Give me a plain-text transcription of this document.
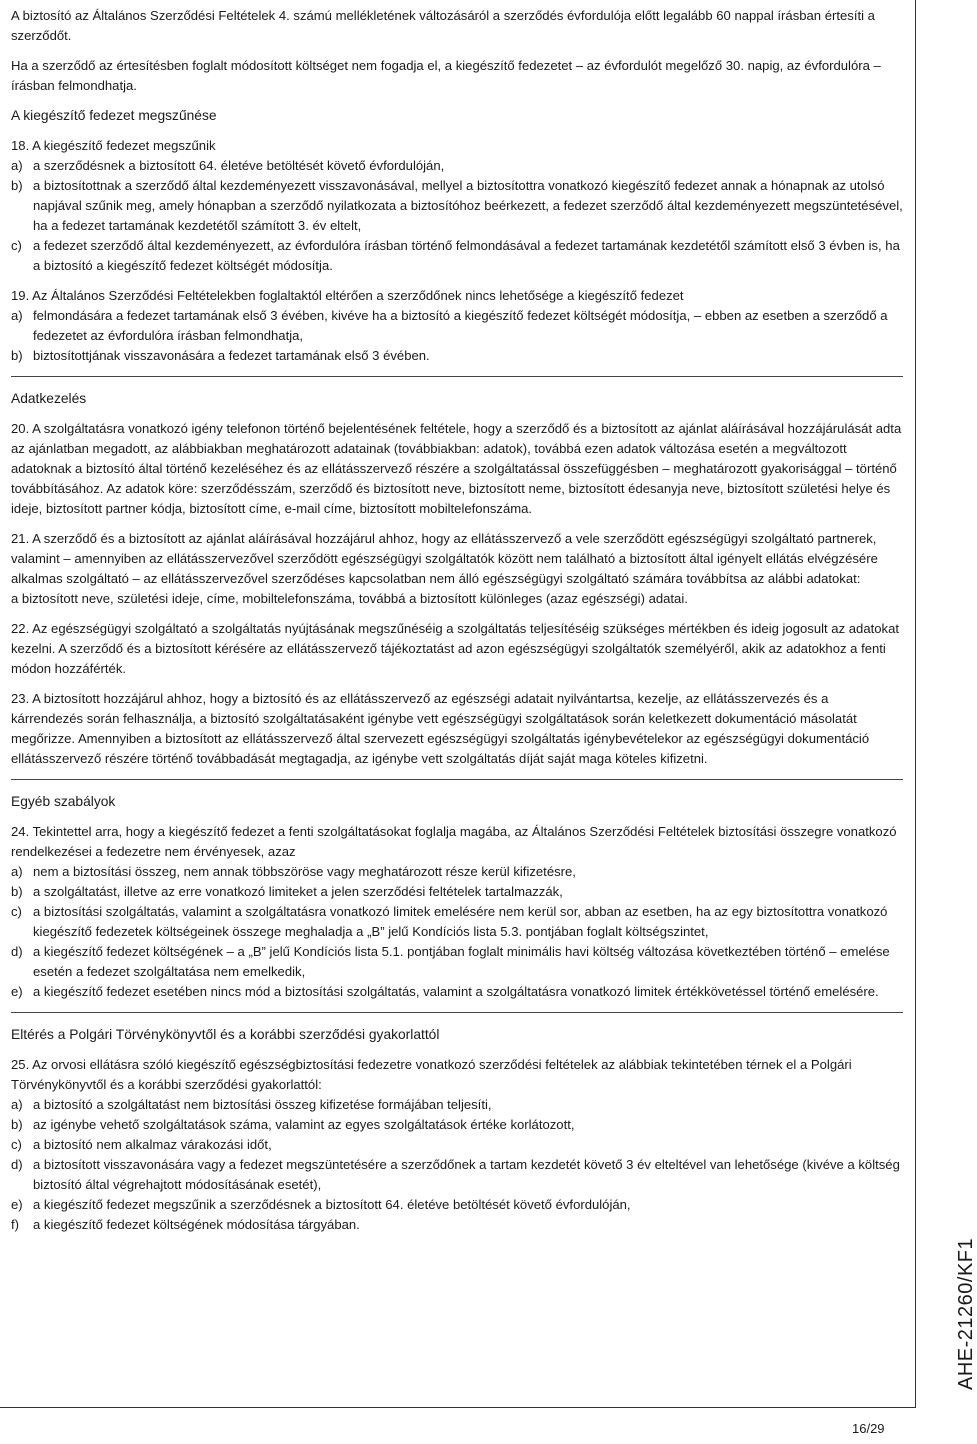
A biztosító az Általános Szerződési Feltételek 4. számú mellékletének változásáról a szerződés évfordulója előtt legalább 60 nappal írásban értesíti a szerződőt.

Ha a szerződő az értesítésben foglalt módosított költséget nem fogadja el, a kiegészítő fedezetet – az évfordulót megelőző 30. napig, az évfordulóra – írásban felmondhatja.

A kiegészítő fedezet megszűnése

18. A kiegészítő fedezet megszűnik

a) a szerződésnek a biztosított 64. életéve betöltését követő évfordulóján,
b) a biztosítottnak a szerződő által kezdeményezett visszavonásával, mellyel a biztosítottra vonatkozó kiegészítő fedezet annak a hónapnak az utolsó napjával szűnik meg, amely hónapban a szerződő nyilatkozata a biztosítóhoz beérkezett, a fedezet szerződő által kezdeményezett megszüntetésével, ha a fedezet tartamának kezdetétől számított 3. év eltelt,
c) a fedezet szerződő által kezdeményezett, az évfordulóra írásban történő felmondásával a fedezet tartamának kezdetétől számított első 3 évben is, ha a biztosító a kiegészítő fedezet költségét módosítja.

19. Az Általános Szerződési Feltételekben foglaltaktól eltérően a szerződőnek nincs lehetősége a kiegészítő fedezet

a) felmondására a fedezet tartamának első 3 évében, kivéve ha a biztosító a kiegészítő fedezet költségét módosítja, – ebben az esetben a szerződő a fedezetet az évfordulóra írásban felmondhatja,
b) biztosítottjának visszavonására a fedezet tartamának első 3 évében.
Adatkezelés

20. A szolgáltatásra vonatkozó igény telefonon történő bejelentésének feltétele, hogy a szerződő és a biztosított az ajánlat aláírásával hozzájárulását adta az ajánlatban megadott, az alábbiakban meghatározott adatainak (továbbiakban: adatok), továbbá ezen adatok változása esetén a megváltozott adatoknak a biztosító által történő kezeléséhez és az ellátásszervező részére a szolgáltatással összefüggésben – meghatározott gyakorisággal – történő továbbításához. Az adatok köre: szerződésszám, szerződő és biztosított neve, biztosított neme, biztosított édesanyja neve, biztosított születési helye és ideje, biztosított partner kódja, biztosított címe, e-mail címe, biztosított mobiltelefonszáma.

21. A szerződő és a biztosított az ajánlat aláírásával hozzájárul ahhoz, hogy az ellátásszervező a vele szerződött egészségügyi szolgáltató partnerek, valamint – amennyiben az ellátásszervezővel szerződött egészségügyi szolgáltatók között nem található a biztosított által igényelt ellátás elvégzésére alkalmas szolgáltató – az ellátásszervezővel szerződéses kapcsolatban nem álló egészségügyi szolgáltató számára továbbítsa az alábbi adatokat:

a biztosított neve, születési ideje, címe, mobiltelefonszáma, továbbá a biztosított különleges (azaz egészségi) adatai.

22. Az egészségügyi szolgáltató a szolgáltatás nyújtásának megszűnéséig a szolgáltatás teljesítéséig szükséges mértékben és ideig jogosult az adatokat kezelni. A szerződő és a biztosított kérésére az ellátásszervező tájékoztatást ad azon egészségügyi szolgáltatók személyéről, akik az adatokhoz a fenti módon hozzáférték.

23. A biztosított hozzájárul ahhoz, hogy a biztosító és az ellátásszervező az egészségi adatait nyilvántartsa, kezelje, az ellátásszervezés és a kárrendezés során felhasználja, a biztosító szolgáltatásaként igénybe vett egészségügyi szolgáltatások során keletkezett dokumentáció másolatát megőrizze. Amennyiben a biztosított az ellátásszervező által szervezett egészségügyi szolgáltatás igénybevételekor az egészségügyi dokumentáció ellátásszervező részére történő továbbadását megtagadja, az igénybe vett szolgáltatás díját saját maga köteles kifizetni.

Egyéb szabályok

24. Tekintettel arra, hogy a kiegészítő fedezet a fenti szolgáltatásokat foglalja magába, az Általános Szerződési Feltételek biztosítási összegre vonatkozó rendelkezései a fedezetre nem érvényesek, azaz

a) nem a biztosítási összeg, nem annak többszöröse vagy meghatározott része kerül kifizetésre,
b) a szolgáltatást, illetve az erre vonatkozó limiteket a jelen szerződési feltételek tartalmazzák,
c) a biztosítási szolgáltatás, valamint a szolgáltatásra vonatkozó limitek emelésére nem kerül sor, abban az esetben, ha az egy biztosítottra vonatkozó kiegészítő fedezetek költségeinek összege meghaladja a „B” jelű Kondíciós lista 5.3. pontjában foglalt költségszintet,
d) a kiegészítő fedezet költségének – a „B” jelű Kondíciós lista 5.1. pontjában foglalt minimális havi költség változása következtében történő – emelése esetén a fedezet szolgáltatása nem emelkedik,
e) a kiegészítő fedezet esetében nincs mód a biztosítási szolgáltatás, valamint a szolgáltatásra vonatkozó limitek értékkövetéssel történő emelésére.
Eltérés a Polgári Törvénykönyvtől és a korábbi szerződési gyakorlattól

25. Az orvosi ellátásra szóló kiegészítő egészségbiztosítási fedezetre vonatkozó szerződési feltételek az alábbiak tekintetében térnek el a Polgári Törvénykönyvtől és a korábbi szerződési gyakorlattól:

a) a biztosító a szolgáltatást nem biztosítási összeg kifizetése formájában teljesíti,
b) az igénybe vehető szolgáltatások száma, valamint az egyes szolgáltatások értéke korlátozott,
c) a biztosító nem alkalmaz várakozási időt,
d) a biztosított visszavonására vagy a fedezet megszüntetésére a szerződőnek a tartam kezdetét követő 3 év elteltével van lehetősége (kivéve a költség biztosító által végrehajtott módosításának esetét),
e) a kiegészítő fedezet megszűnik a szerződésnek a biztosított 64. életéve betöltését követő évfordulóján,
f)	a kiegészítő fedezet költségének módosítása tárgyában.
AHE-21260/KF1
16/29
